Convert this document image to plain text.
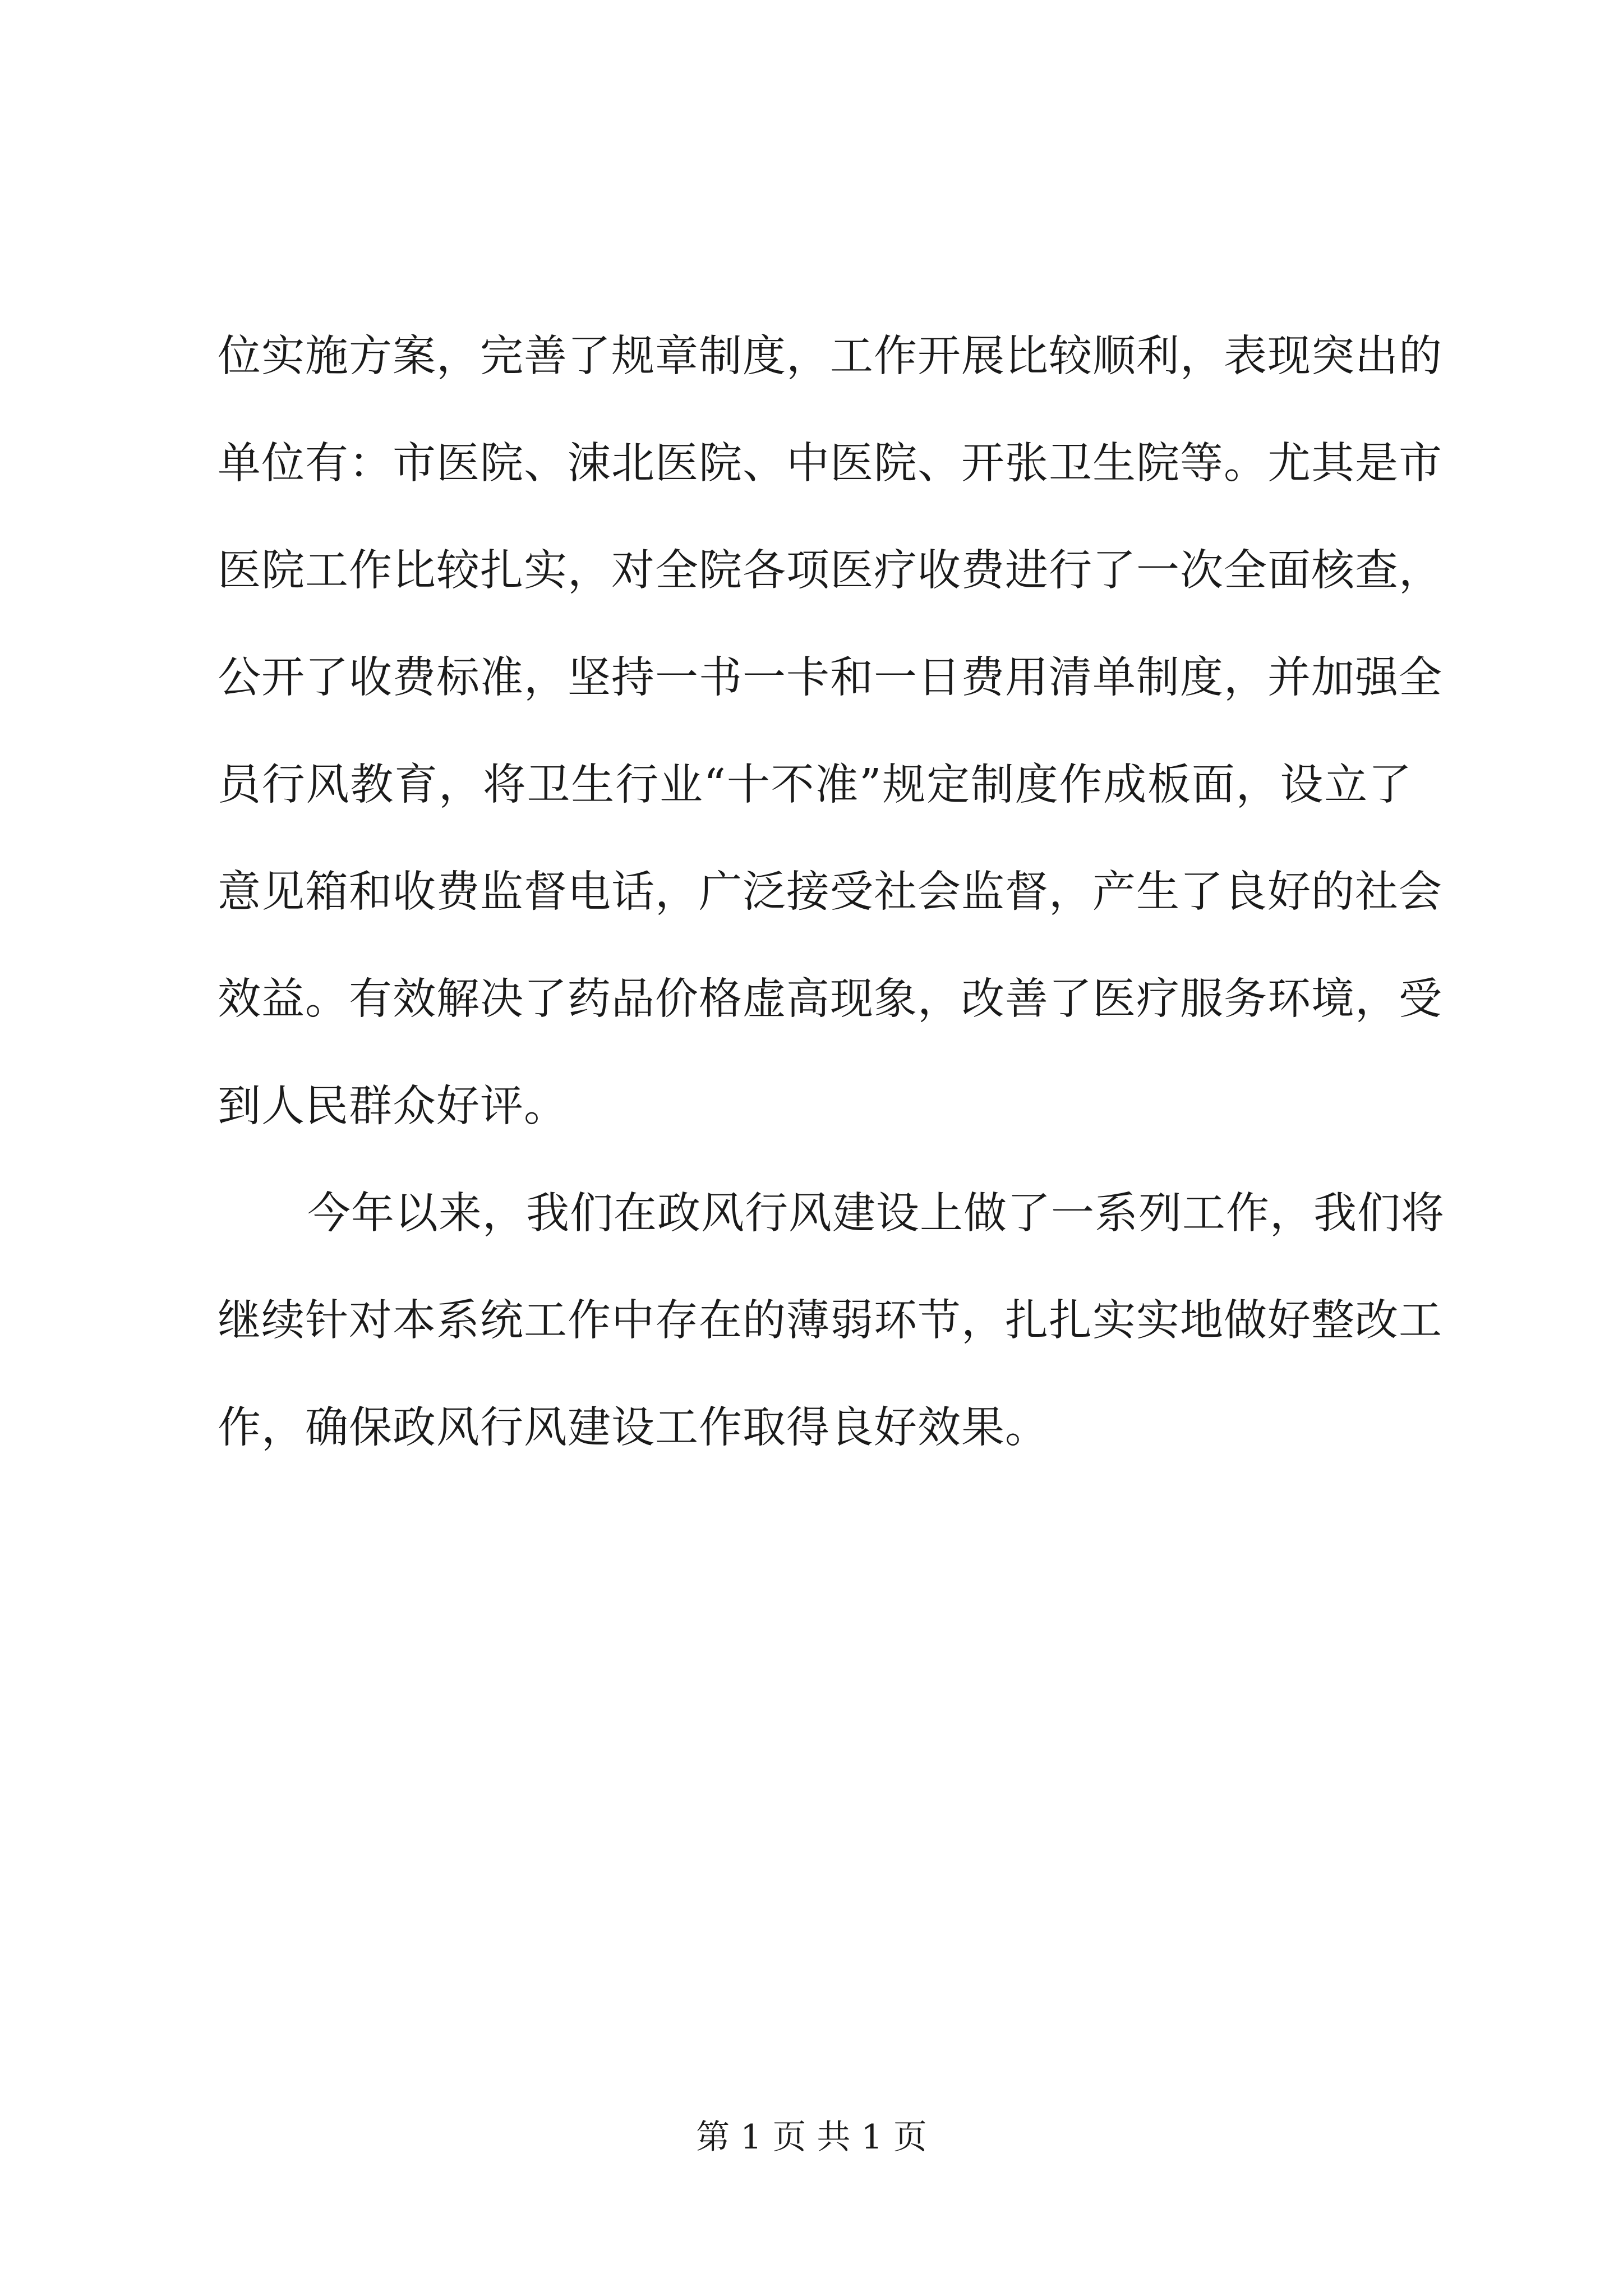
位实施方案，完善了规章制度，工作开展比较顺利，表现突出的
单位有：市医院、涑北医院、中医院、开张卫生院等。尤其是市
医院工作比较扎实，对全院各项医疗收费进行了一次全面核查，
公开了收费标准，坚持一书一卡和一日费用清单制度，并加强全
员行风教育，将卫生行业“十不准”规定制度作成板面，设立了
意见箱和收费监督电话，广泛接受社会监督，产生了良好的社会
效益。有效解决了药品价格虚高现象，改善了医疗服务环境，受
到人民群众好评。
今年以来，我们在政风行风建设上做了一系列工作，我们将
继续针对本系统工作中存在的薄弱环节，扎扎实实地做好整改工
作，确保政风行风建设工作取得良好效果。
第 1 页 共 1 页
